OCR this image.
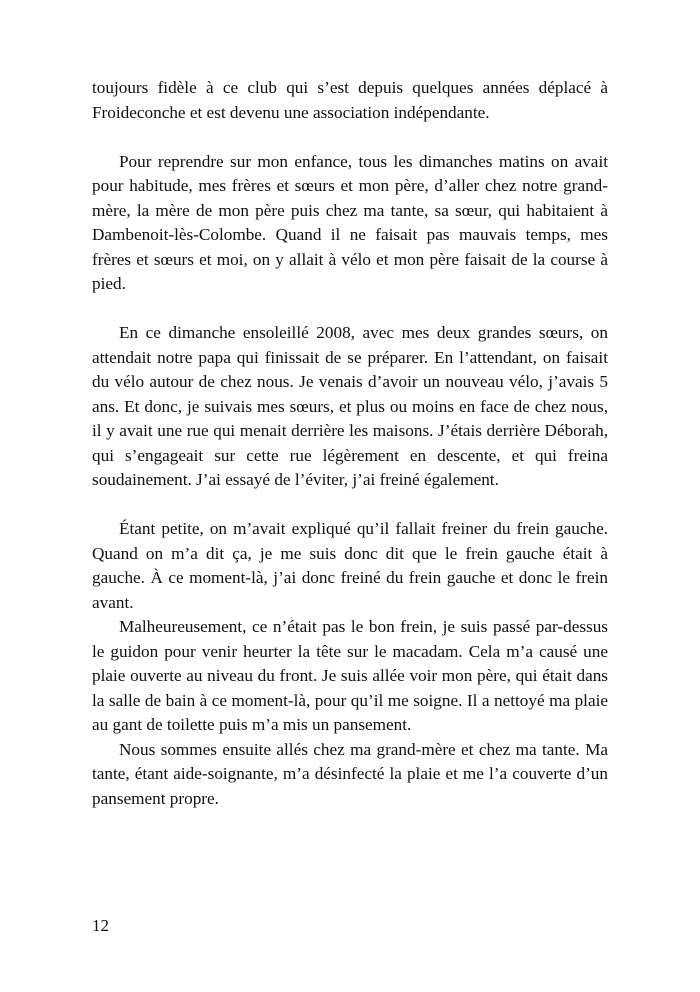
toujours fidèle à ce club qui s’est depuis quelques années déplacé à Froideconche et est devenu une association indépendante.

Pour reprendre sur mon enfance, tous les dimanches matins on avait pour habitude, mes frères et sœurs et mon père, d’aller chez notre grand-mère, la mère de mon père puis chez ma tante, sa sœur, qui habitaient à Dambenoit-lès-Colombe. Quand il ne faisait pas mauvais temps, mes frères et sœurs et moi, on y allait à vélo et mon père faisait de la course à pied.

En ce dimanche ensoleillé 2008, avec mes deux grandes sœurs, on attendait notre papa qui finissait de se préparer. En l’attendant, on faisait du vélo autour de chez nous. Je venais d’avoir un nouveau vélo, j’avais 5 ans. Et donc, je suivais mes sœurs, et plus ou moins en face de chez nous, il y avait une rue qui menait derrière les maisons. J’étais derrière Déborah, qui s’engageait sur cette rue légèrement en descente, et qui freina soudainement. J’ai essayé de l’éviter, j’ai freiné également.

Étant petite, on m’avait expliqué qu’il fallait freiner du frein gauche. Quand on m’a dit ça, je me suis donc dit que le frein gauche était à gauche. À ce moment-là, j’ai donc freiné du frein gauche et donc le frein avant.

Malheureusement, ce n’était pas le bon frein, je suis passé par-dessus le guidon pour venir heurter la tête sur le macadam. Cela m’a causé une plaie ouverte au niveau du front. Je suis allée voir mon père, qui était dans la salle de bain à ce moment-là, pour qu’il me soigne. Il a nettoyé ma plaie au gant de toilette puis m’a mis un pansement.

Nous sommes ensuite allés chez ma grand-mère et chez ma tante. Ma tante, étant aide-soignante, m’a désinfecté la plaie et me l’a couverte d’un pansement propre.

12
